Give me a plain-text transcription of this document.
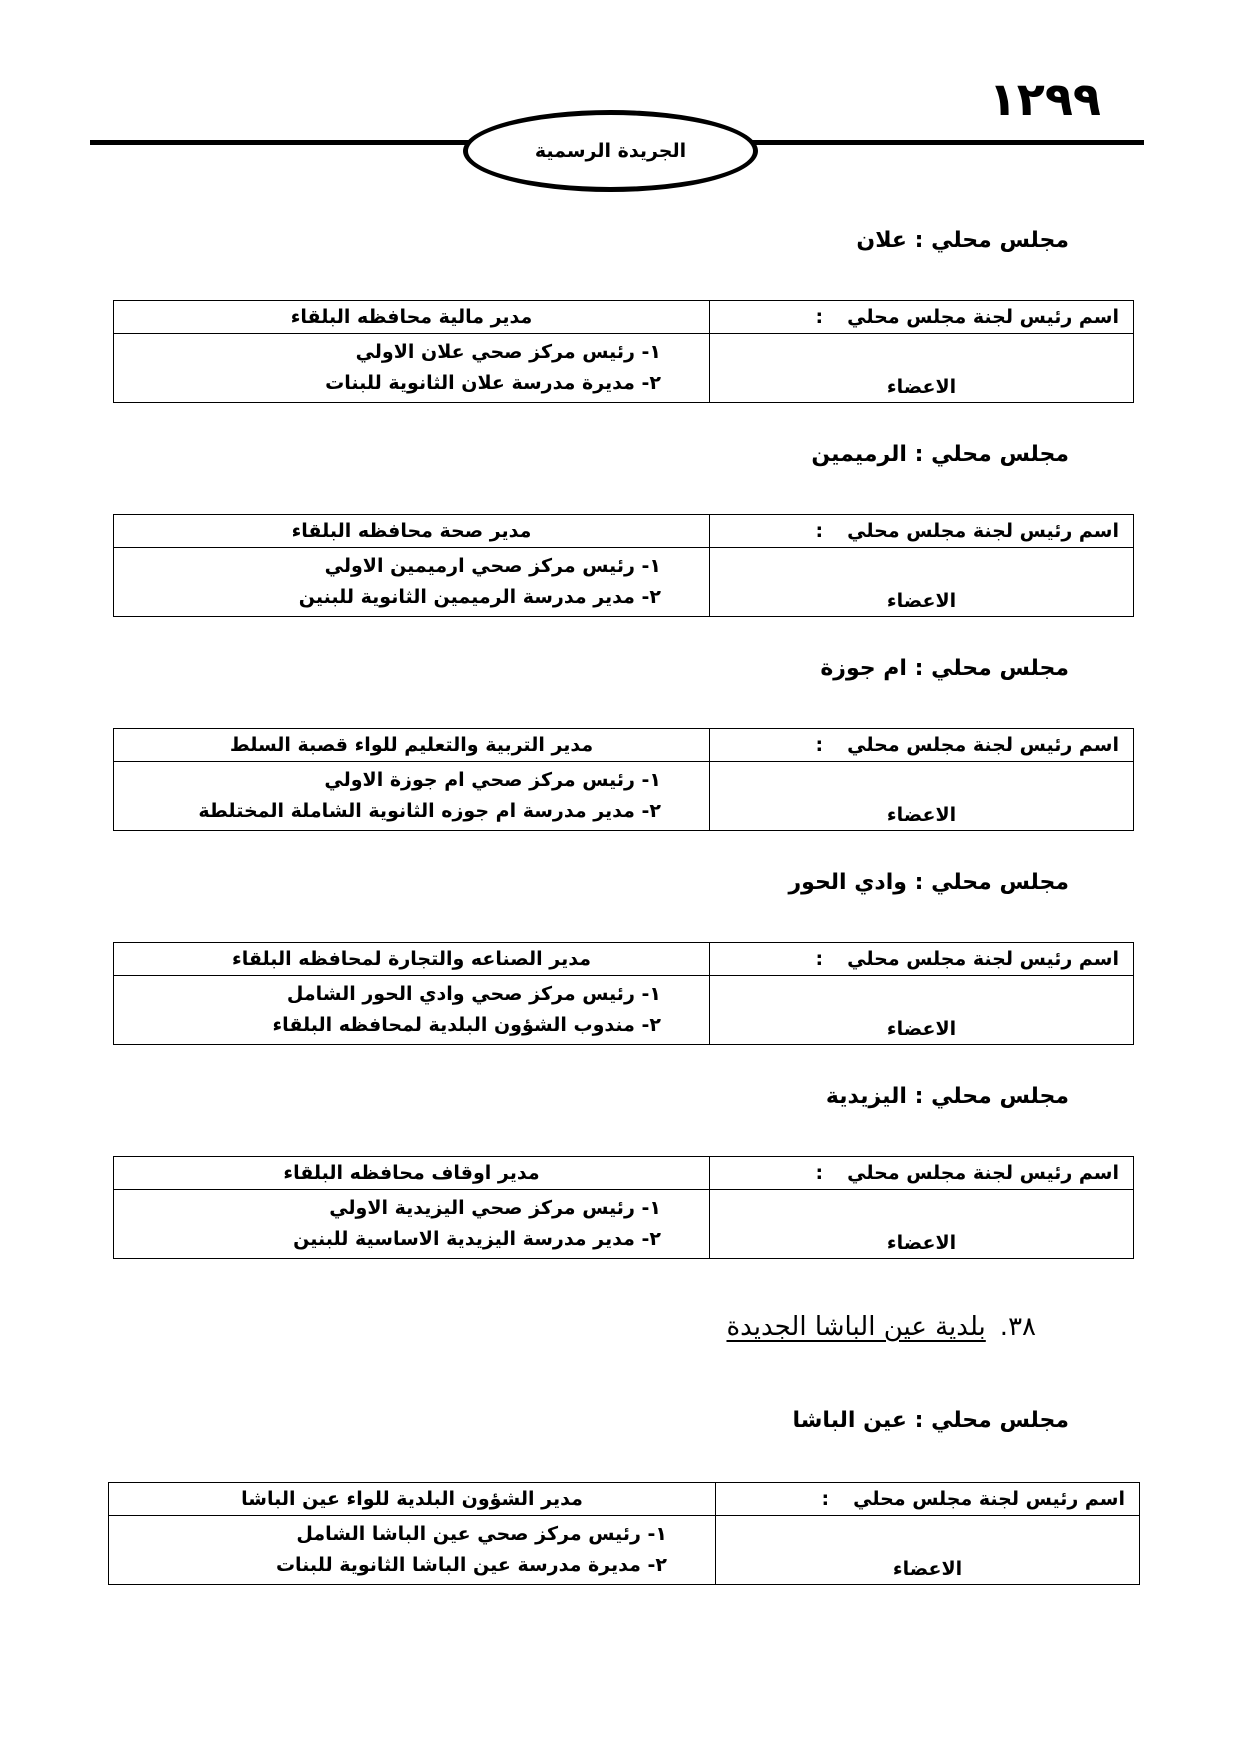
١٢٩٩
الجريدة الرسمية
مجلس محلي : علان
اسم رئيس لجنة مجلس محلي:	مدير مالية محافظه البلقاء
الاعضاء	١- رئيس مركز صحي علان الاولي
٢- مديرة مدرسة علان الثانوية للبنات
مجلس محلي : الرميمين
اسم رئيس لجنة مجلس محلي:	مدير صحة محافظه البلقاء
الاعضاء	١- رئيس مركز صحي ارميمين الاولي
٢- مدير مدرسة الرميمين الثانوية للبنين
مجلس محلي : ام جوزة
اسم رئيس لجنة مجلس محلي:	مدير التربية والتعليم للواء قصبة السلط
الاعضاء	١- رئيس مركز صحي ام جوزة الاولي
٢- مدير مدرسة ام جوزه الثانوية الشاملة المختلطة
مجلس محلي : وادي الحور
اسم رئيس لجنة مجلس محلي:	مدير الصناعه والتجارة لمحافظه البلقاء
الاعضاء	١- رئيس مركز صحي وادي الحور الشامل
٢- مندوب الشؤون البلدية لمحافظه البلقاء
مجلس محلي : اليزيدية
اسم رئيس لجنة مجلس محلي:	مدير اوقاف محافظه البلقاء
الاعضاء	١- رئيس مركز صحي اليزيدية الاولي
٢- مدير مدرسة اليزيدية الاساسية للبنين
٣٨.بلدية عين الباشا الجديدة
مجلس محلي : عين الباشا
اسم رئيس لجنة مجلس محلي:	مدير الشؤون البلدية للواء عين الباشا
الاعضاء	١- رئيس مركز صحي عين الباشا الشامل
٢- مديرة مدرسة عين الباشا الثانوية للبنات
